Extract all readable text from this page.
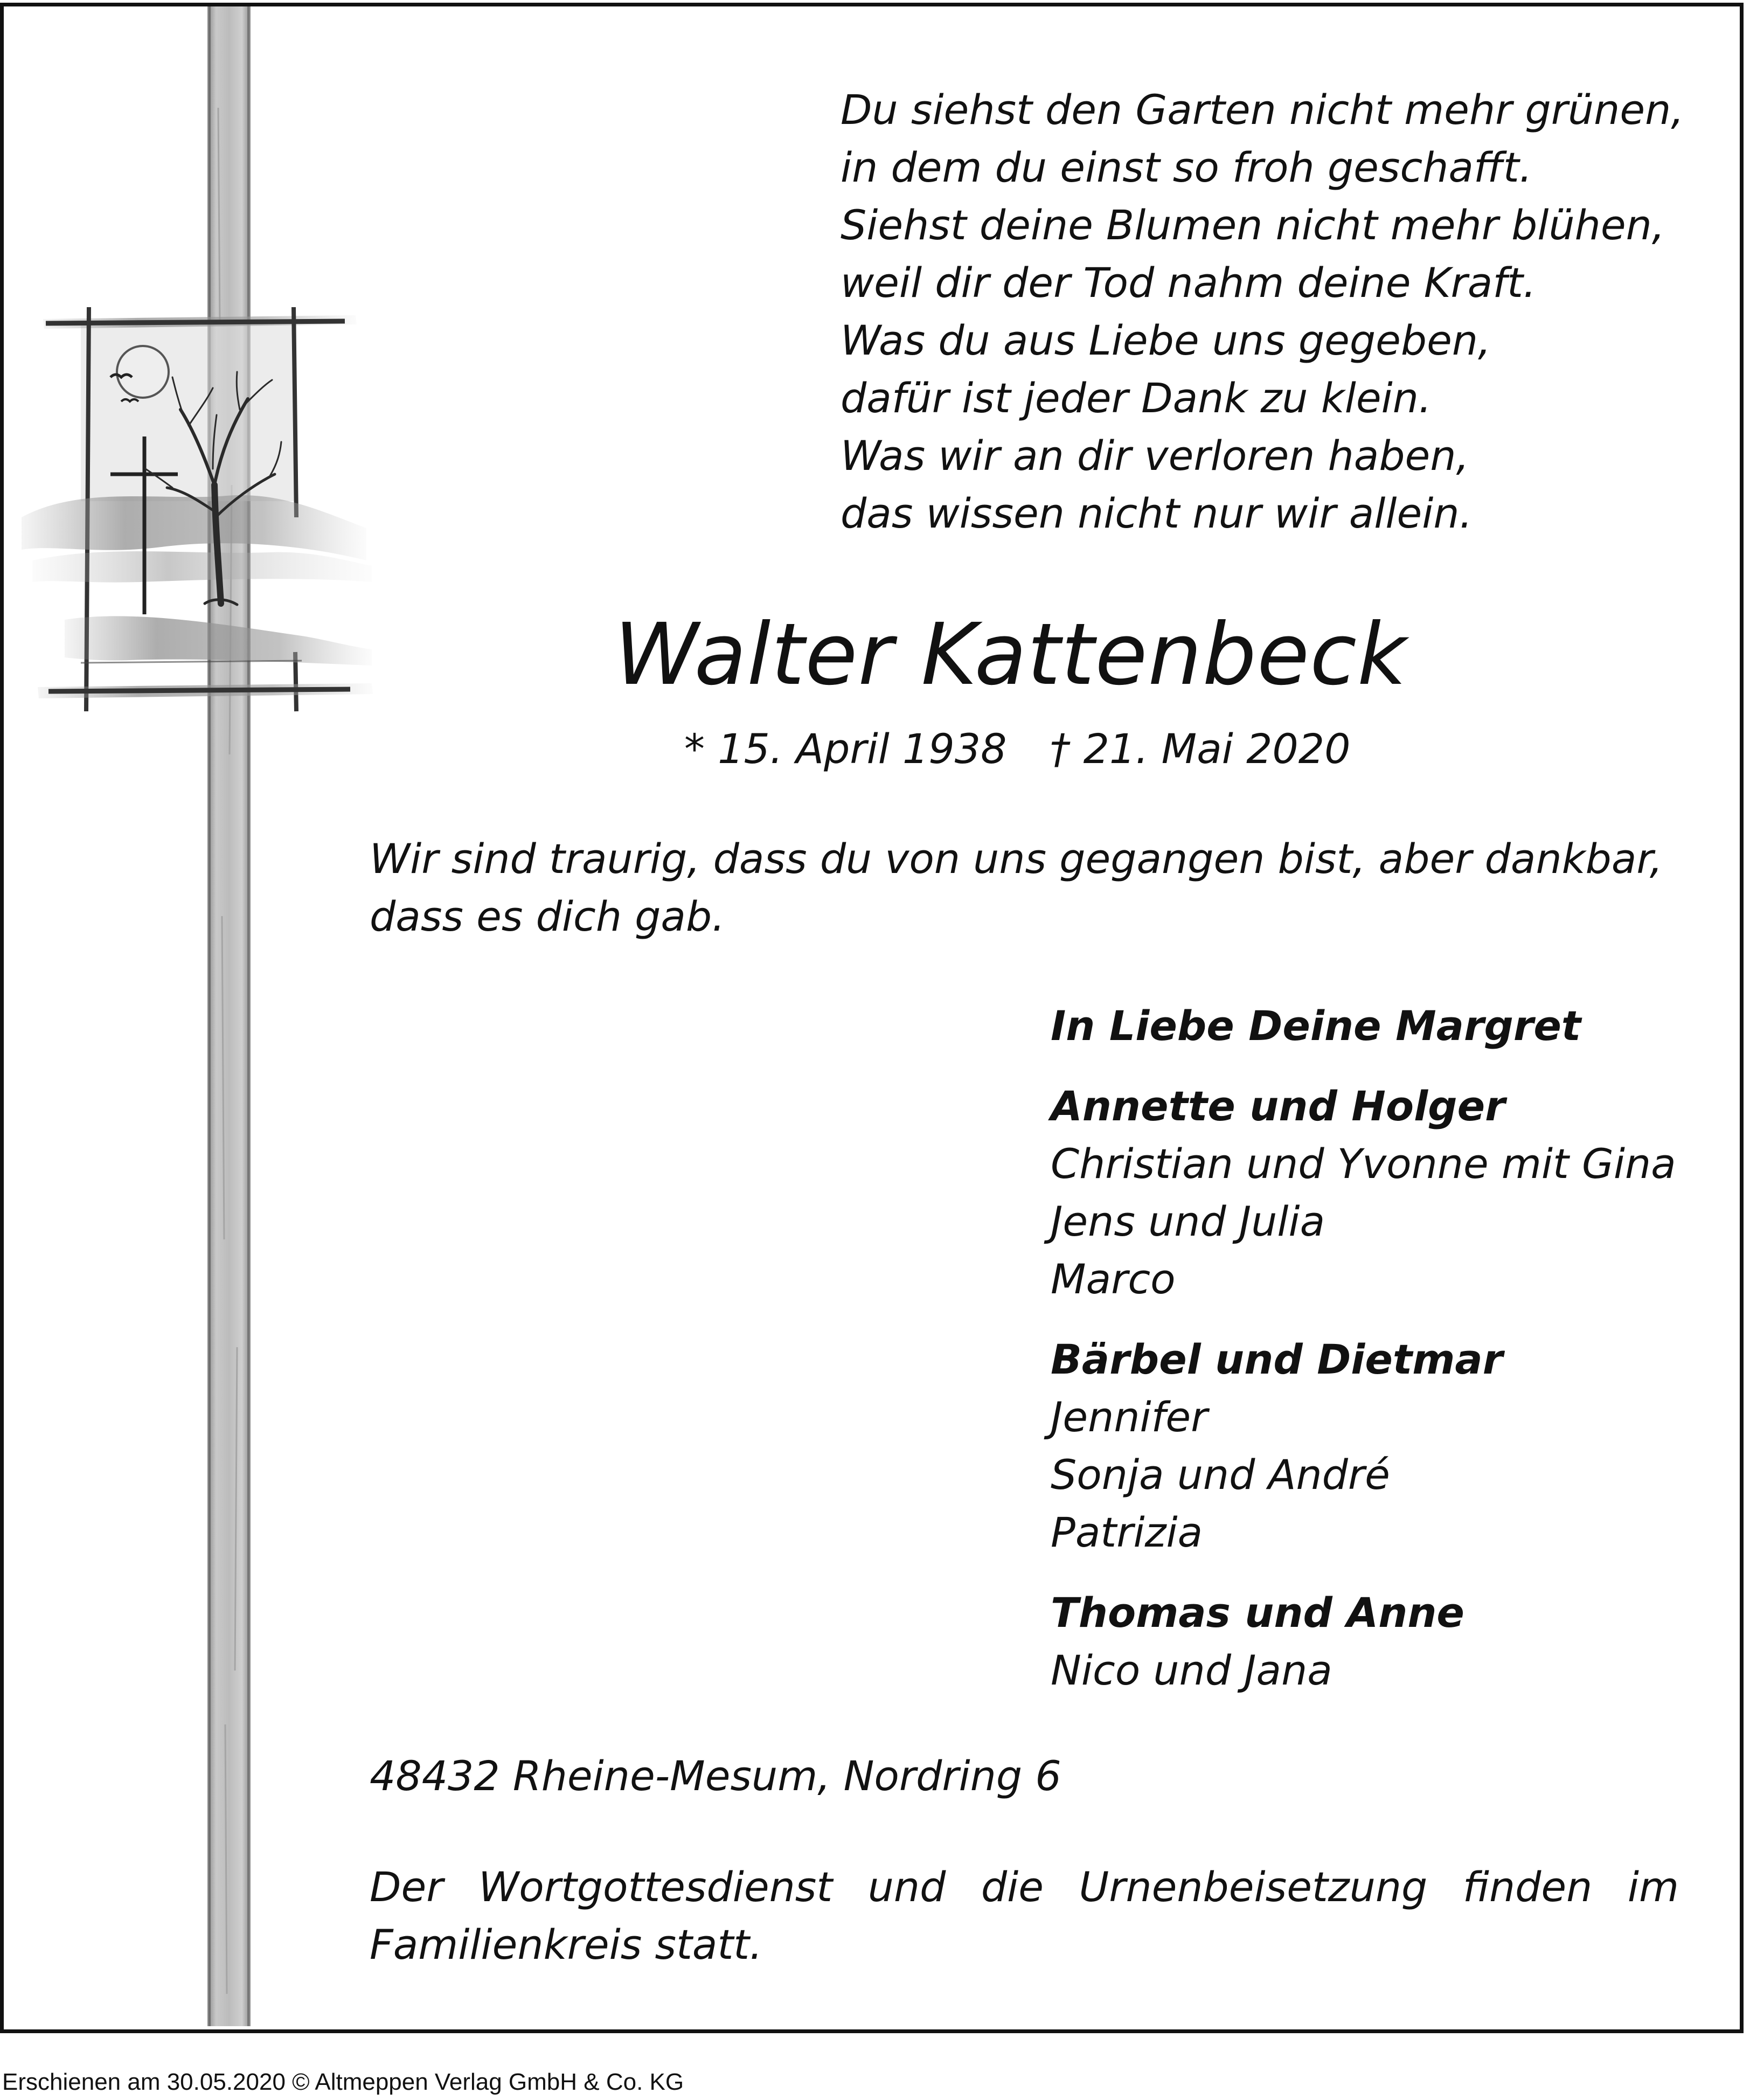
Du siehst den Garten nicht mehr grünen,
in dem du einst so froh geschafft.
Siehst deine Blumen nicht mehr blühen,
weil dir der Tod nahm deine Kraft.
Was du aus Liebe uns gegeben,
dafür ist jeder Dank zu klein.
Was wir an dir verloren haben,
das wissen nicht nur wir allein.
Walter Kattenbeck
* 15. April 1938 † 21. Mai 2020
Wir sind traurig, dass du von uns gegangen bist, aber dankbar,
dass es dich gab.
In Liebe Deine Margret
Annette und Holger
Christian und Yvonne mit Gina
Jens und Julia
Marco
Bärbel und Dietmar
Jennifer
Sonja und André
Patrizia
Thomas und Anne
Nico und Jana
48432 Rheine-Mesum, Nordring 6
Der Wortgottesdienst und die Urnenbeisetzung finden im
Familienkreis statt.
Erschienen am 30.05.2020 © Altmeppen Verlag GmbH & Co. KG
